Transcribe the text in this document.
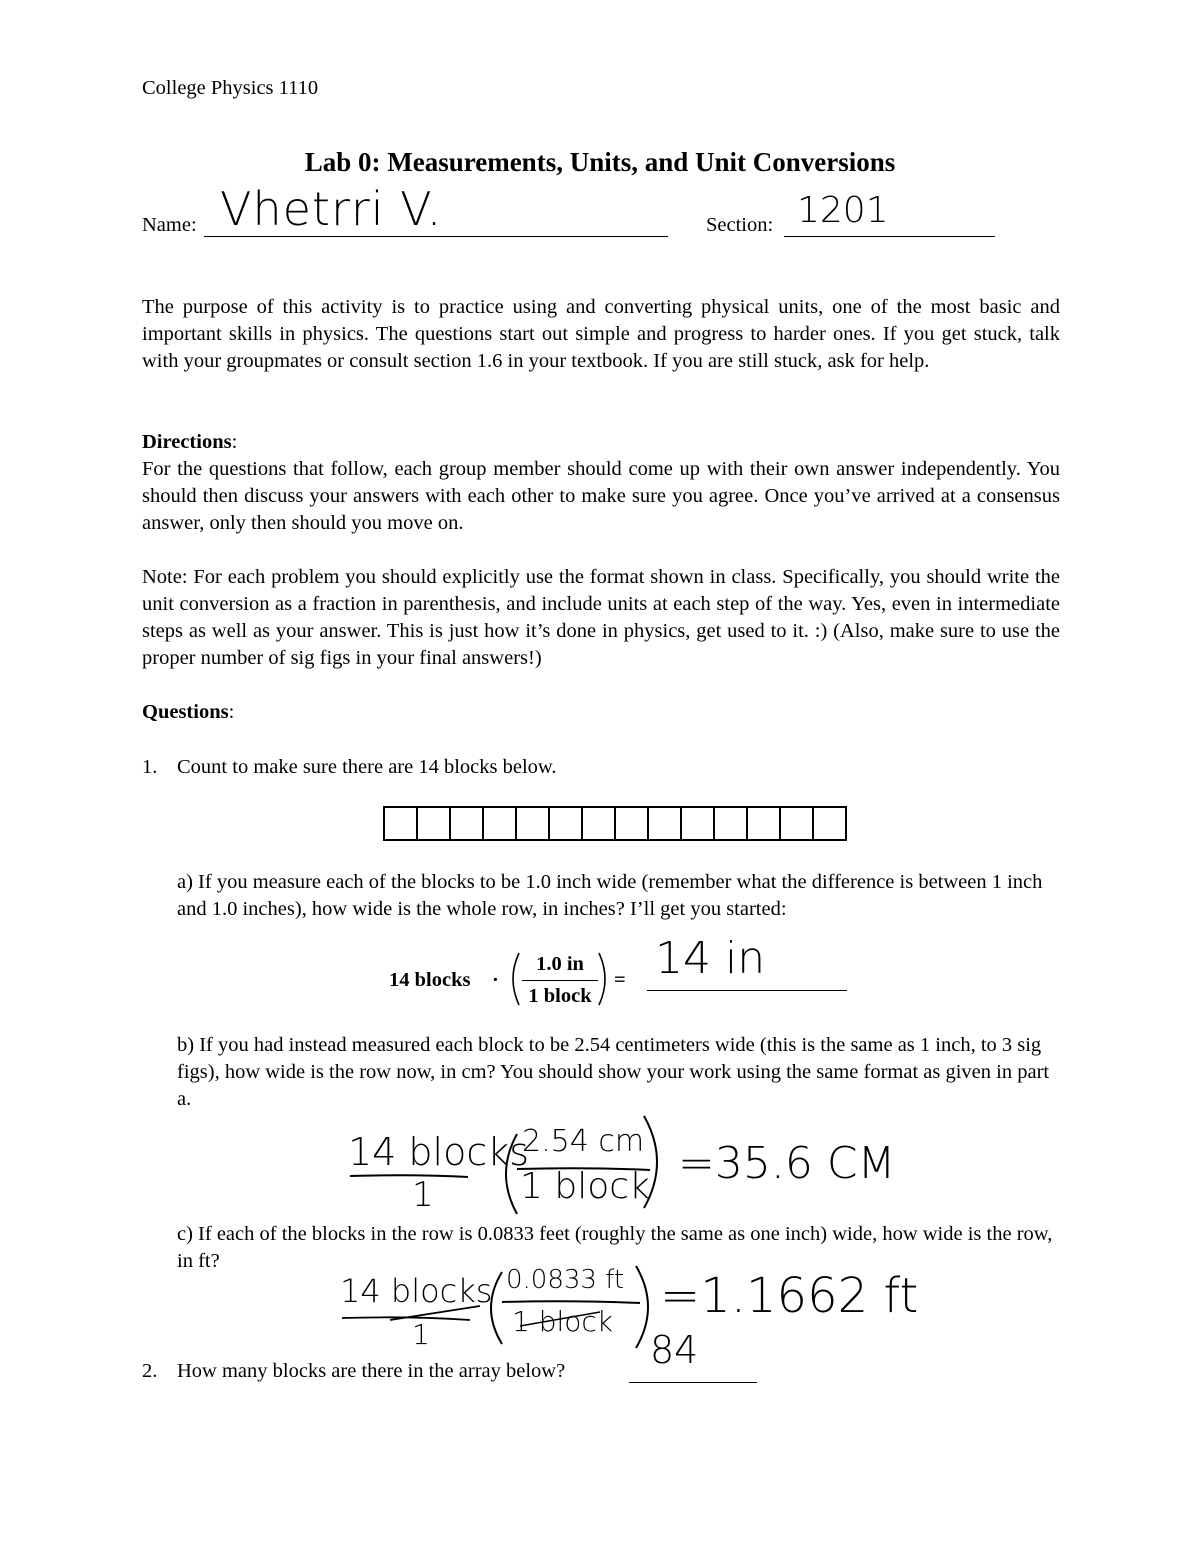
College Physics 1110
Lab 0: Measurements, Units, and Unit Conversions
Name: Vhetrri V.	Section: 1201
The purpose of this activity is to practice using and converting physical units, one of the most basic and important skills in physics. The questions start out simple and progress to harder ones. If you get stuck, talk with your groupmates or consult section 1.6 in your textbook. If you are still stuck, ask for help.
Directions:
For the questions that follow, each group member should come up with their own answer independently. You should then discuss your answers with each other to make sure you agree. Once you’ve arrived at a consensus answer, only then should you move on.
Note: For each problem you should explicitly use the format shown in class. Specifically, you should write the unit conversion as a fraction in parenthesis, and include units at each step of the way. Yes, even in intermediate steps as well as your answer. This is just how it’s done in physics, get used to it. :) (Also, make sure to use the proper number of sig figs in your final answers!)
Questions:
1. Count to make sure there are 14 blocks below.
a) If you measure each of the blocks to be 1.0 inch wide (remember what the difference is between 1 inch and 1.0 inches), how wide is the whole row, in inches? I’ll get you started:
14 blocks ·
1.0 in
1 block
= 14 in
b) If you had instead measured each block to be 2.54 centimeters wide (this is the same as 1 inch, to 3 sig figs), how wide is the row now, in cm? You should show your work using the same format as given in part a.
14 blocks
1
2.54 cm
1 block =35.6 CM
c) If each of the blocks in the row is 0.0833 feet (roughly the same as one inch) wide, how wide is the row, in ft?
14 blocks
1
0.0833 ft
1 block =1.1662 ft
84
2. How many blocks are there in the array below?
